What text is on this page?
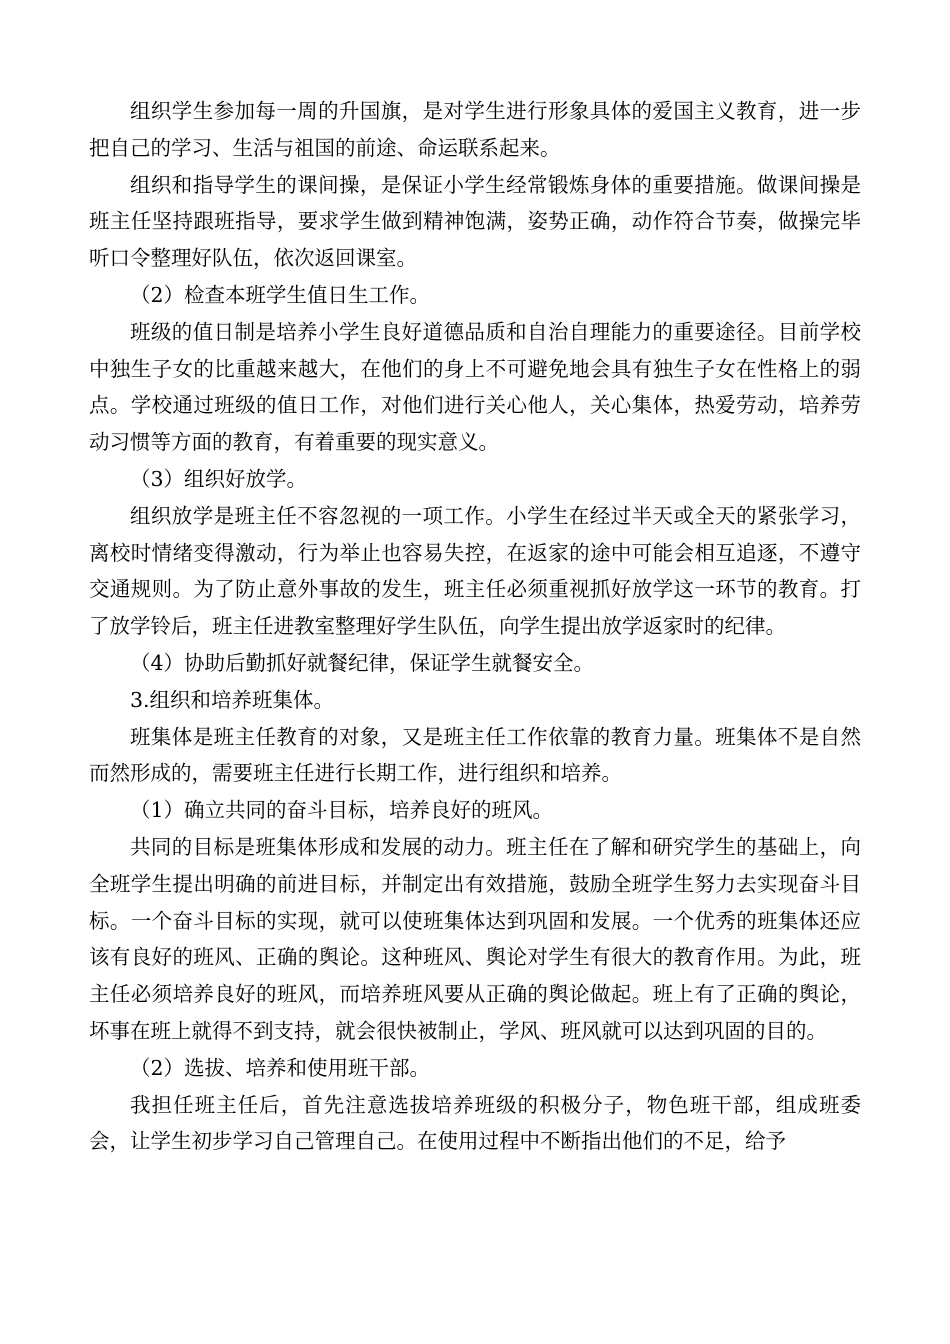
组织学生参加每一周的升国旗，是对学生进行形象具体的爱国主义教育，进一步把自己的学习、生活与祖国的前途、命运联系起来。

组织和指导学生的课间操，是保证小学生经常锻炼身体的重要措施。做课间操是班主任坚持跟班指导，要求学生做到精神饱满，姿势正确，动作符合节奏，做操完毕听口令整理好队伍，依次返回课室。

（2）检查本班学生值日生工作。

班级的值日制是培养小学生良好道德品质和自治自理能力的重要途径。目前学校中独生子女的比重越来越大，在他们的身上不可避免地会具有独生子女在性格上的弱点。学校通过班级的值日工作，对他们进行关心他人，关心集体，热爱劳动，培养劳动习惯等方面的教育，有着重要的现实意义。

（3）组织好放学。

组织放学是班主任不容忽视的一项工作。小学生在经过半天或全天的紧张学习，离校时情绪变得激动，行为举止也容易失控，在返家的途中可能会相互追逐，不遵守交通规则。为了防止意外事故的发生，班主任必须重视抓好放学这一环节的教育。打了放学铃后，班主任进教室整理好学生队伍，向学生提出放学返家时的纪律。

（4）协助后勤抓好就餐纪律，保证学生就餐安全。

3.组织和培养班集体。

班集体是班主任教育的对象，又是班主任工作依靠的教育力量。班集体不是自然而然形成的，需要班主任进行长期工作，进行组织和培养。

（1）确立共同的奋斗目标，培养良好的班风。

共同的目标是班集体形成和发展的动力。班主任在了解和研究学生的基础上，向全班学生提出明确的前进目标，并制定出有效措施，鼓励全班学生努力去实现奋斗目标。一个奋斗目标的实现，就可以使班集体达到巩固和发展。一个优秀的班集体还应该有良好的班风、正确的舆论。这种班风、舆论对学生有很大的教育作用。为此，班主任必须培养良好的班风，而培养班风要从正确的舆论做起。班上有了正确的舆论，坏事在班上就得不到支持，就会很快被制止，学风、班风就可以达到巩固的目的。

（2）选拔、培养和使用班干部。

我担任班主任后，首先注意选拔培养班级的积极分子，物色班干部，组成班委会，让学生初步学习自己管理自己。在使用过程中不断指出他们的不足，给予
